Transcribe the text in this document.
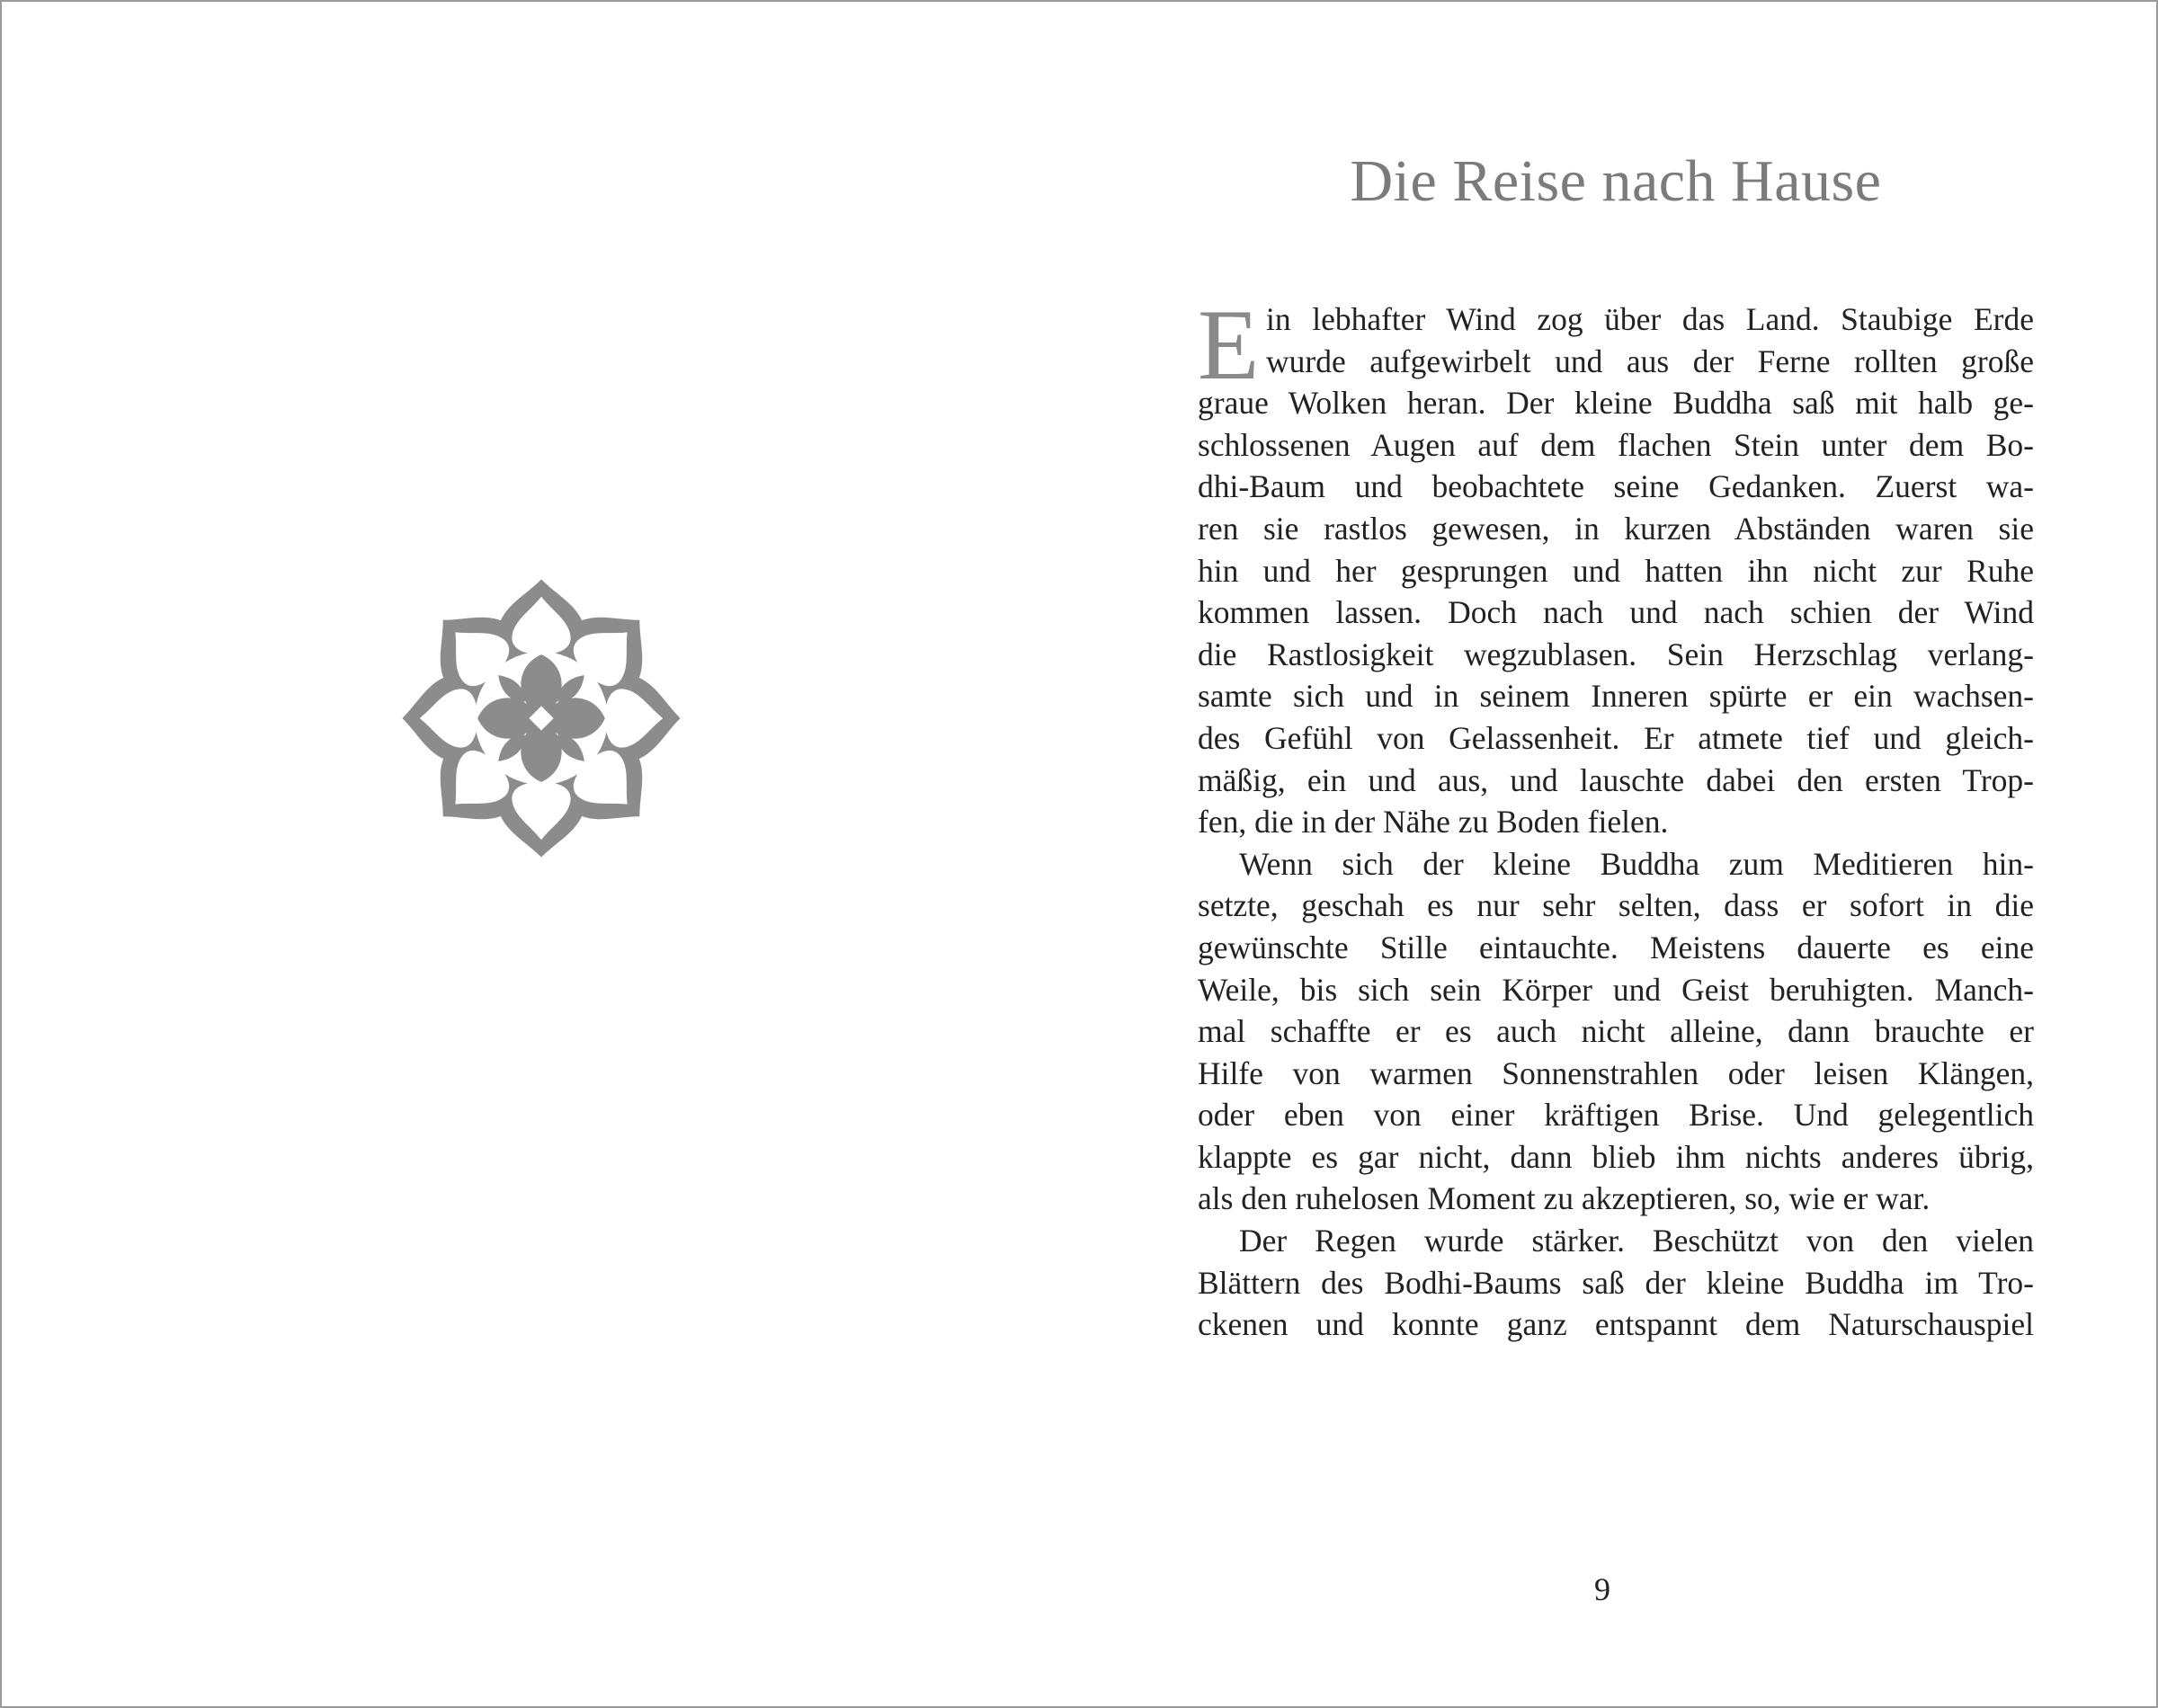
Die Reise nach Hause
E in lebhafter Wind zog über das Land. Staubige Erde
wurde aufgewirbelt und aus der Ferne rollten große
graue Wolken heran. Der kleine Buddha saß mit halb ge-
schlossenen Augen auf dem flachen Stein unter dem Bo-
dhi-Baum und beobachtete seine Gedanken. Zuerst wa-
ren sie rastlos gewesen, in kurzen Abständen waren sie
hin und her gesprungen und hatten ihn nicht zur Ruhe
kommen lassen. Doch nach und nach schien der Wind
die Rastlosigkeit wegzublasen. Sein Herzschlag verlang-
samte sich und in seinem Inneren spürte er ein wachsen-
des Gefühl von Gelassenheit. Er atmete tief und gleich-
mäßig, ein und aus, und lauschte dabei den ersten Trop-
fen, die in der Nähe zu Boden fielen.
Wenn sich der kleine Buddha zum Meditieren hin-
setzte, geschah es nur sehr selten, dass er sofort in die
gewünschte Stille eintauchte. Meistens dauerte es eine
Weile, bis sich sein Körper und Geist beruhigten. Manch-
mal schaffte er es auch nicht alleine, dann brauchte er
Hilfe von warmen Sonnenstrahlen oder leisen Klängen,
oder eben von einer kräftigen Brise. Und gelegentlich
klappte es gar nicht, dann blieb ihm nichts anderes übrig,
als den ruhelosen Moment zu akzeptieren, so, wie er war.
Der Regen wurde stärker. Beschützt von den vielen
Blättern des Bodhi-Baums saß der kleine Buddha im Tro-
ckenen und konnte ganz entspannt dem Naturschauspiel
9
